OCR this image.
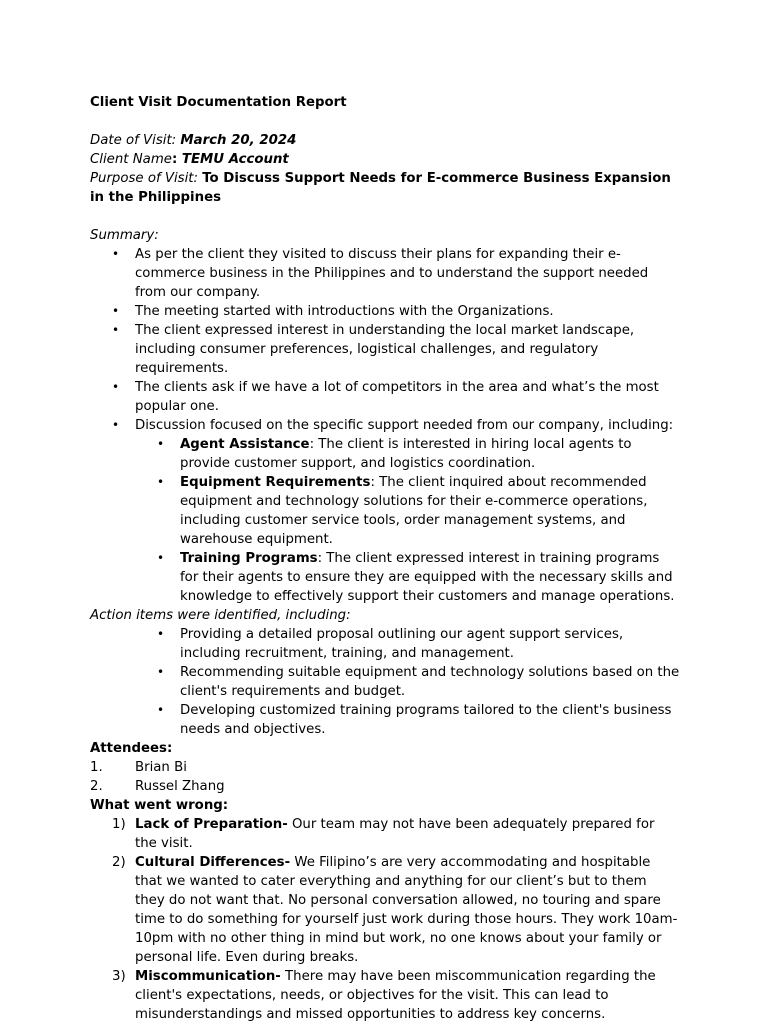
Client Visit Documentation Report

Date of Visit: March 20, 2024

Client Name: TEMU Account

Purpose of Visit: To Discuss Support Needs for E-commerce Business Expansion in the Philippines

Summary:

• As per the client they visited to discuss their plans for expanding their e-commerce business in the Philippines and to understand the support needed from our company.
• The meeting started with introductions with the Organizations.
• The client expressed interest in understanding the local market landscape, including consumer preferences, logistical challenges, and regulatory requirements.
• The clients ask if we have a lot of competitors in the area and what’s the most popular one.
• Discussion focused on the specific support needed from our company, including:
• Agent Assistance: The client is interested in hiring local agents to provide customer support, and logistics coordination.
• Equipment Requirements: The client inquired about recommended equipment and technology solutions for their e-commerce operations, including customer service tools, order management systems, and warehouse equipment.
• Training Programs: The client expressed interest in training programs for their agents to ensure they are equipped with the necessary skills and knowledge to effectively support their customers and manage operations.

Action items were identified, including:

• Providing a detailed proposal outlining our agent support services, including recruitment, training, and management.
• Recommending suitable equipment and technology solutions based on the client's requirements and budget.
• Developing customized training programs tailored to the client's business needs and objectives.

Attendees:

1. Brian Bi
2. Russel Zhang

What went wrong:

1) Lack of Preparation- Our team may not have been adequately prepared for the visit.
2) Cultural Differences- We Filipino’s are very accommodating and hospitable that we wanted to cater everything and anything for our client’s but to them they do not want that. No personal conversation allowed, no touring and spare time to do something for yourself just work during those hours. They work 10am-10pm with no other thing in mind but work, no one knows about your family or personal life. Even during breaks.
3) Miscommunication- There may have been miscommunication regarding the client's expectations, needs, or objectives for the visit. This can lead to misunderstandings and missed opportunities to address key concerns.
